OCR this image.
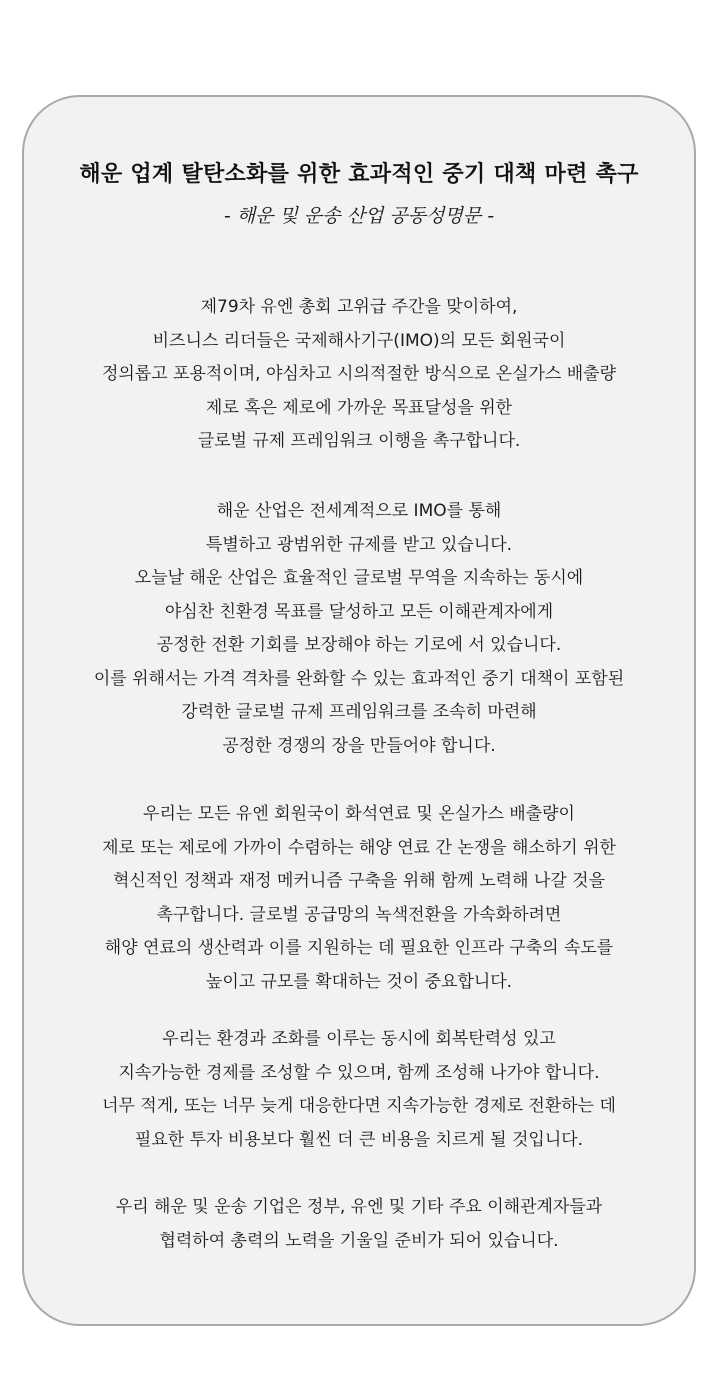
해운 업계 탈탄소화를 위한 효과적인 중기 대책 마련 촉구

- 해운 및 운송 산업 공동성명문 -

제79차 유엔 총회 고위급 주간을 맞이하여,
비즈니스 리더들은 국제해사기구(IMO)의 모든 회원국이
정의롭고 포용적이며, 야심차고 시의적절한 방식으로 온실가스 배출량
제로 혹은 제로에 가까운 목표달성을 위한
글로벌 규제 프레임워크 이행을 촉구합니다.
해운 산업은 전세계적으로 IMO를 통해
특별하고 광범위한 규제를 받고 있습니다.
오늘날 해운 산업은 효율적인 글로벌 무역을 지속하는 동시에
야심찬 친환경 목표를 달성하고 모든 이해관계자에게
공정한 전환 기회를 보장해야 하는 기로에 서 있습니다.
이를 위해서는 가격 격차를 완화할 수 있는 효과적인 중기 대책이 포함된
강력한 글로벌 규제 프레임워크를 조속히 마련해
공정한 경쟁의 장을 만들어야 합니다.
우리는 모든 유엔 회원국이 화석연료 및 온실가스 배출량이
제로 또는 제로에 가까이 수렴하는 해양 연료 간 논쟁을 해소하기 위한
혁신적인 정책과 재정 메커니즘 구축을 위해 함께 노력해 나갈 것을
촉구합니다. 글로벌 공급망의 녹색전환을 가속화하려면
해양 연료의 생산력과 이를 지원하는 데 필요한 인프라 구축의 속도를
높이고 규모를 확대하는 것이 중요합니다.
우리는 환경과 조화를 이루는 동시에 회복탄력성 있고
지속가능한 경제를 조성할 수 있으며, 함께 조성해 나가야 합니다.
너무 적게, 또는 너무 늦게 대응한다면 지속가능한 경제로 전환하는 데
필요한 투자 비용보다 훨씬 더 큰 비용을 치르게 될 것입니다.
우리 해운 및 운송 기업은 정부, 유엔 및 기타 주요 이해관계자들과
협력하여 총력의 노력을 기울일 준비가 되어 있습니다.
